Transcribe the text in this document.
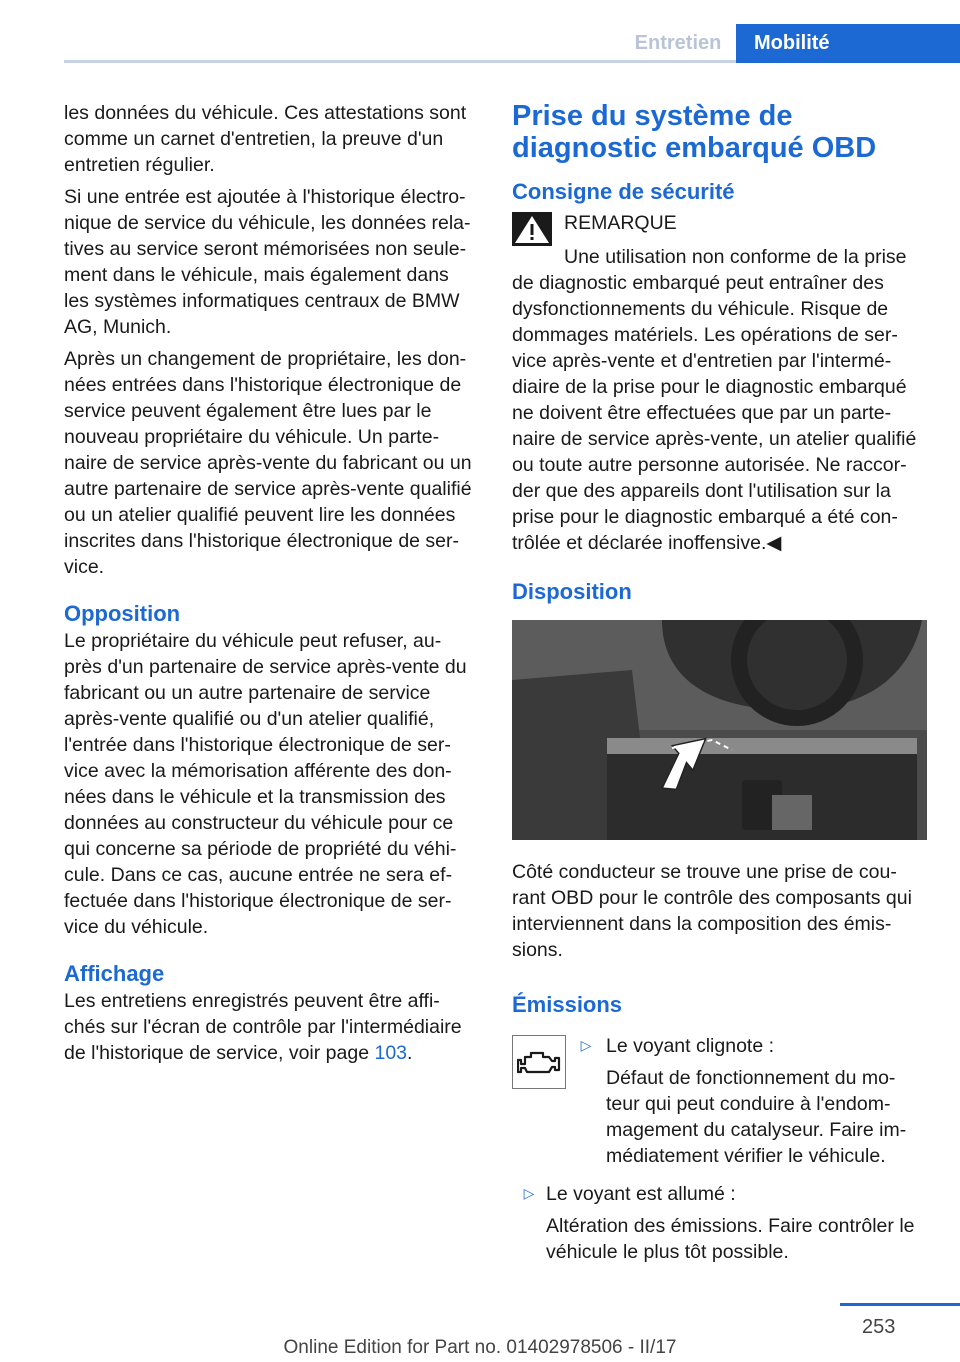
Entretien	Mobilité

les données du véhicule. Ces attestations sont comme un carnet d'entretien, la preuve d'un entretien régulier.

Si une entrée est ajoutée à l'historique électro‐nique de service du véhicule, les données rela‐tives au service seront mémorisées non seule‐ment dans le véhicule, mais également dans les systèmes informatiques centraux de BMW AG, Munich.

Après un changement de propriétaire, les don‐nées entrées dans l'historique électronique de service peuvent également être lues par le nouveau propriétaire du véhicule. Un parte‐naire de service après-vente du fabricant ou un autre partenaire de service après-vente qualifié ou un atelier qualifié peuvent lire les données inscrites dans l'historique électronique de ser‐vice.

Opposition

Le propriétaire du véhicule peut refuser, au‐près d'un partenaire de service après-vente du fabricant ou un autre partenaire de service après-vente qualifié ou d'un atelier qualifié, l'entrée dans l'historique électronique de ser‐vice avec la mémorisation afférente des don‐nées dans le véhicule et la transmission des données au constructeur du véhicule pour ce qui concerne sa période de propriété du véhi‐cule. Dans ce cas, aucune entrée ne sera ef‐fectuée dans l'historique électronique de ser‐vice du véhicule.

Affichage

Les entretiens enregistrés peuvent être affi‐chés sur l'écran de contrôle par l'intermédiaire de l'historique de service, voir page 103.

Prise du système de diagnostic embarqué OBD
Consigne de sécurité

REMARQUE

Une utilisation non conforme de la prise de diagnostic embarqué peut entraîner des dysfonctionnements du véhicule. Risque de dommages matériels. Les opérations de ser‐vice après-vente et d'entretien par l'intermé‐diaire de la prise pour le diagnostic embarqué ne doivent être effectuées que par un parte‐naire de service après-vente, un atelier qualifié ou toute autre personne autorisée. Ne raccor‐der que des appareils dont l'utilisation sur la prise pour le diagnostic embarqué a été con‐trôlée et déclarée inoffensive.◀

Disposition

Côté conducteur se trouve une prise de cou‐rant OBD pour le contrôle des composants qui interviennent dans la composition des émis‐sions.

Émissions
▷ Le voyant clignote :

Défaut de fonctionnement du mo‐teur qui peut conduire à l'endom‐magement du catalyseur. Faire im‐médiatement vérifier le véhicule.

▷ Le voyant est allumé :

Altération des émissions. Faire contrôler le véhicule le plus tôt possible.

253
Online Edition for Part no. 01402978506 - II/17
